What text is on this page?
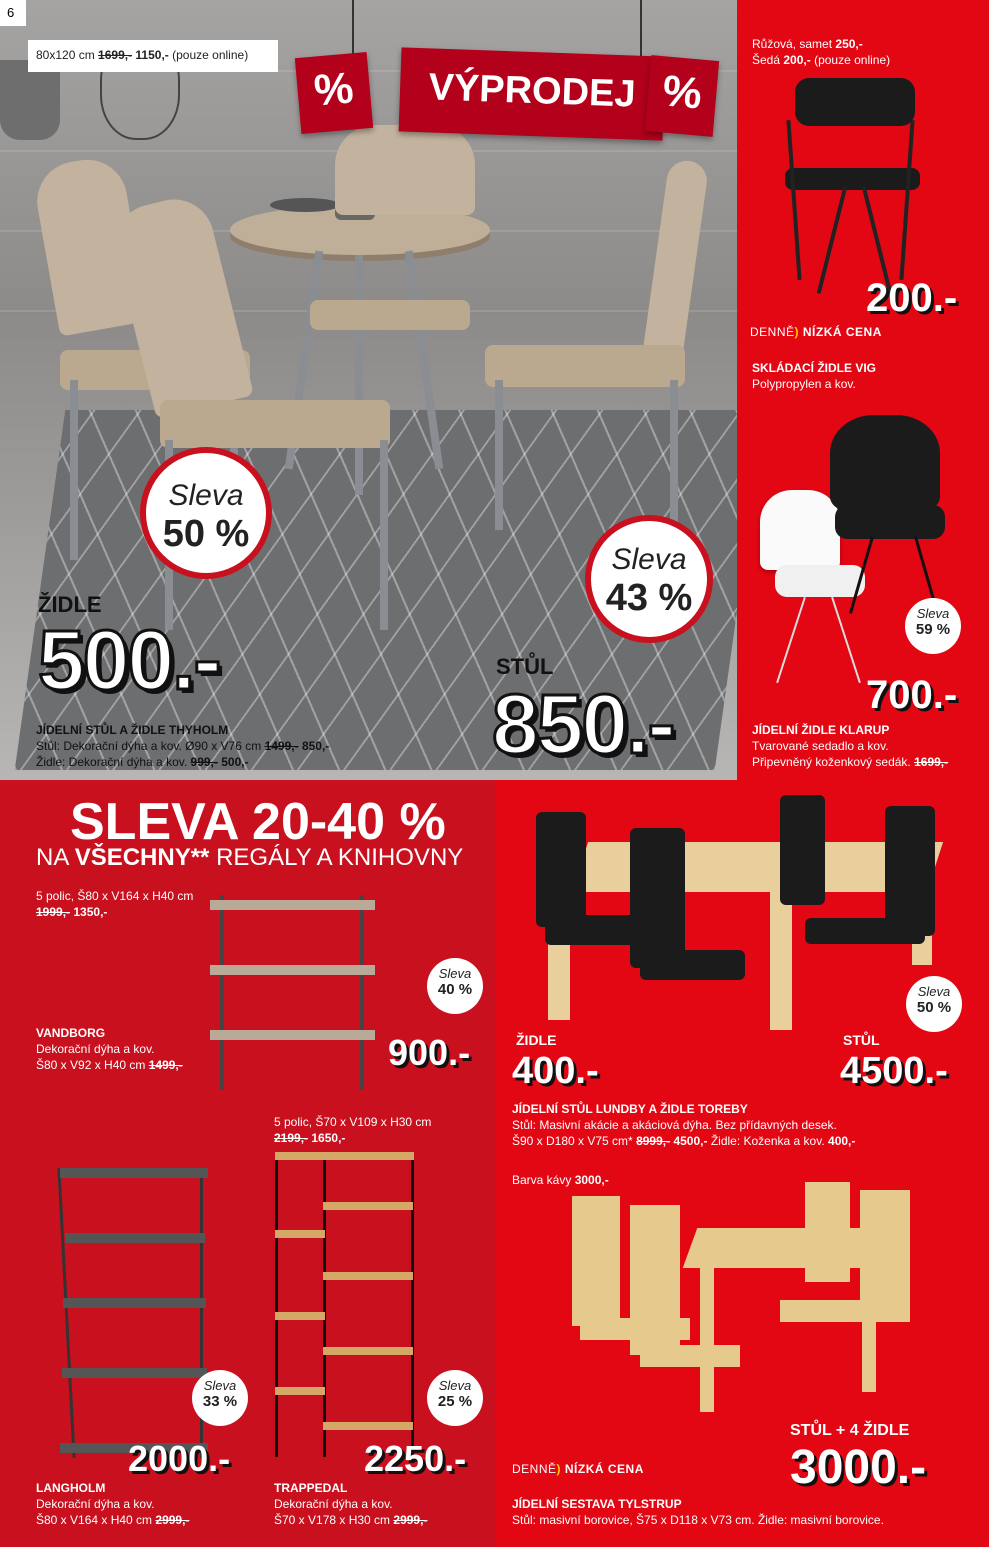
6
80x120 cm 1699,- 1150,- (pouze online)
%	VÝPRODEJ %
Sleva
50 %
Sleva
43 %
ŽIDLE
500.-	STŮL
850.-
JÍDELNÍ STŮL A ŽIDLE THYHOLM
Stůl: Dekorační dýha a kov. Ø90 x V76 cm 1499,- 850,-
Židle: Dekorační dýha a kov. 999,- 500,-
Růžová, samet 250,-
Šedá 200,- (pouze online)
200.-
DENNĚ) NÍZKÁ CENA
SKLÁDACÍ ŽIDLE VIG
Polypropylen a kov.
Sleva
59 %
700.-
JÍDELNÍ ŽIDLE KLARUP
Tvarované sedadlo a kov.
Připevněný koženkový sedák. 1699,-
SLEVA 20-40 %
NA VŠECHNY** REGÁLY A KNIHOVNY
5 polic, Š80 x V164 x H40 cm
1999,- 1350,-
Sleva
40 %
900.-
VANDBORG
Dekorační dýha a kov.
Š80 x V92 x H40 cm 1499,-
Sleva
33 %
2000.-
LANGHOLM
Dekorační dýha a kov.
Š80 x V164 x H40 cm 2999,-
5 polic, Š70 x V109 x H30 cm
2199,- 1650,-
Sleva
25 %
2250.-
TRAPPEDAL
Dekorační dýha a kov.
Š70 x V178 x H30 cm 2999,-
Sleva
50 %
ŽIDLE
400.-
STŮL
4500.-
JÍDELNÍ STŮL LUNDBY A ŽIDLE TOREBY
Stůl: Masivní akácie a akáciová dýha. Bez přídavných desek.
Š90 x D180 x V75 cm* 8999,- 4500,- Židle: Koženka a kov. 400,-
Barva kávy 3000,-
STŮL + 4 ŽIDLE
3000.-
DENNĚ) NÍZKÁ CENA
JÍDELNÍ SESTAVA TYLSTRUP
Stůl: masivní borovice, Š75 x D118 x V73 cm. Židle: masivní borovice.
